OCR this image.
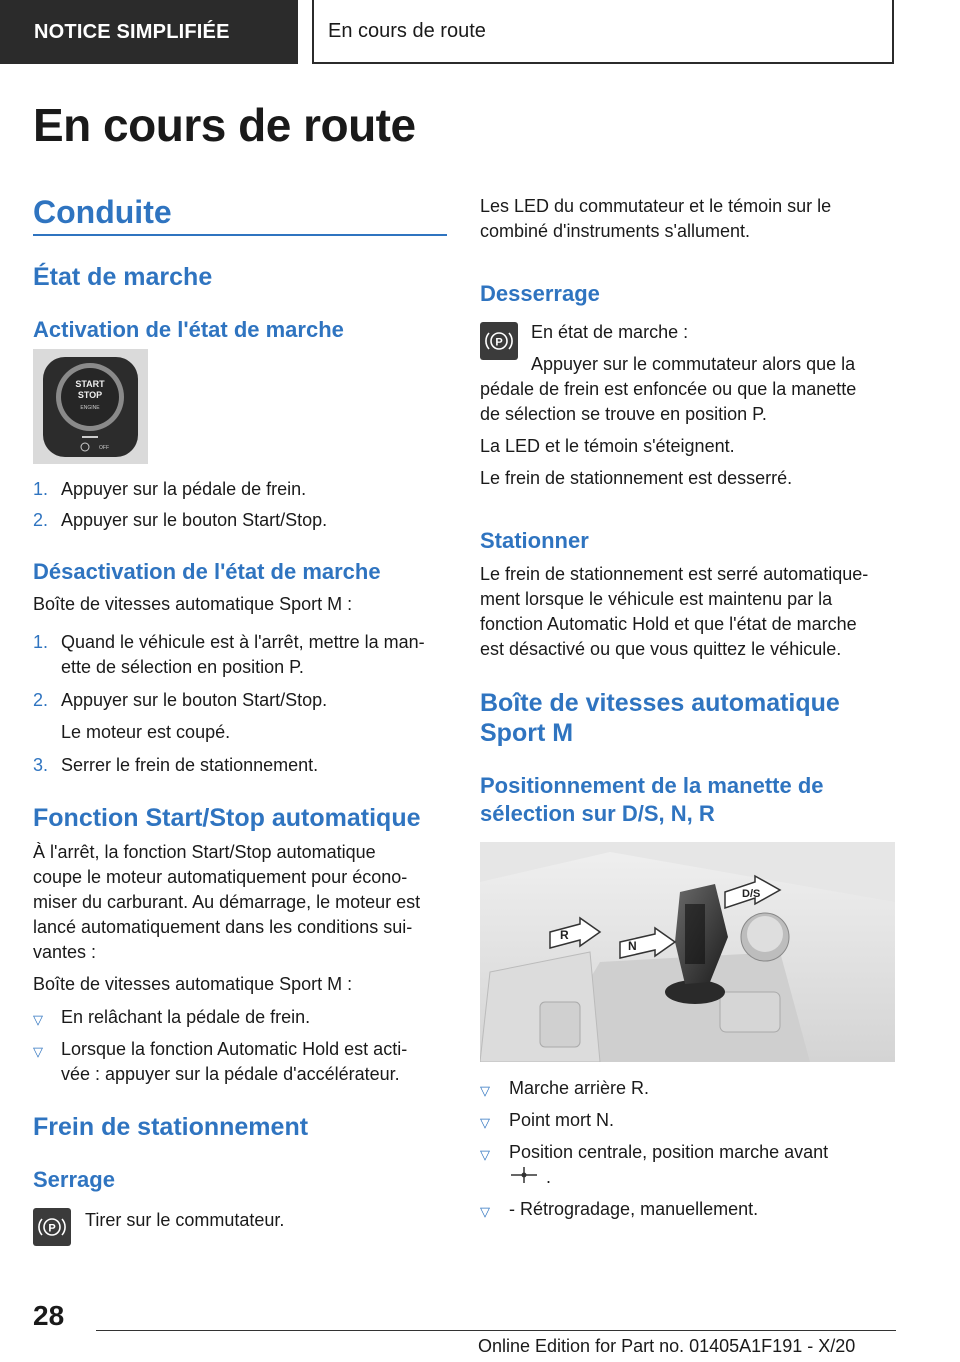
NOTICE SIMPLIFIÉE	En cours de route
En cours de route
Conduite
État de marche
Activation de l'état de marche
START
STOP
ENGINE
OFF
1. Appuyer sur la pédale de frein.

2. Appuyer sur le bouton Start/Stop.

Désactivation de l'état de marche

Boîte de vitesses automatique Sport M :

1. Quand le véhicule est à l'arrêt, mettre la man-

ette de sélection en position P.

2. Appuyer sur le bouton Start/Stop.

Le moteur est coupé.

3. Serrer le frein de stationnement.

Fonction Start/Stop automatique

À l'arrêt, la fonction Start/Stop automatique

coupe le moteur automatiquement pour écono-

miser du carburant. Au démarrage, le moteur est

lancé automatiquement dans les conditions sui-

vantes :

Boîte de vitesses automatique Sport M :

▽ En relâchant la pédale de frein.

▽ Lorsque la fonction Automatic Hold est acti-

vée : appuyer sur la pédale d'accélérateur.

Frein de stationnement
Serrage
P Tirer sur le commutateur.

Les LED du commutateur et le témoin sur le

combiné d'instruments s'allument.

Desserrage
P

En état de marche :

Appuyer sur le commutateur alors que la

pédale de frein est enfoncée ou que la manette

de sélection se trouve en position P.

La LED et le témoin s'éteignent.

Le frein de stationnement est desserré.

Stationner

Le frein de stationnement est serré automatique-

ment lorsque le véhicule est maintenu par la

fonction Automatic Hold et que l'état de marche

est désactivé ou que vous quittez le véhicule.

Boîte de vitesses automatique
Sport M
Positionnement de la manette de
sélection sur D/S, N, R
R
N
D/S
▽ Marche arrière R.

▽ Point mort N.

▽ Position centrale, position marche avant

.

▽ - Rétrogradage, manuellement.

28
Online Edition for Part no. 01405A1F191 - X/20
